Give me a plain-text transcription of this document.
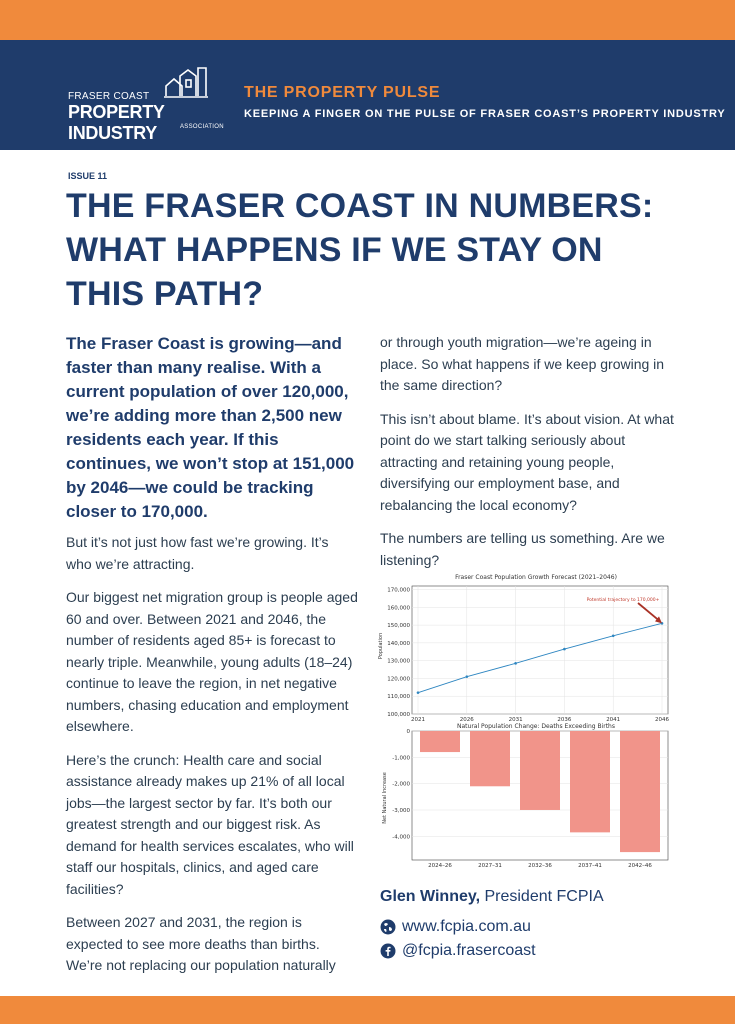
FRASER COAST
PROPERTY INDUSTRY	ASSOCIATION
THE PROPERTY PULSE
KEEPING A FINGER ON THE PULSE OF FRASER COAST’S PROPERTY INDUSTRY
ISSUE 11
THE FRASER COAST IN NUMBERS: WHAT HAPPENS IF WE STAY ON THIS PATH?

The Fraser Coast is growing—and faster than many realise. With a current population of over 120,000, we’re adding more than 2,500 new residents each year. If this continues, we won’t stop at 151,000 by 2046—we could be tracking closer to 170,000.

But it’s not just how fast we’re growing. It’s who we’re attracting.

Our biggest net migration group is people aged 60 and over. Between 2021 and 2046, the number of residents aged 85+ is forecast to nearly triple. Meanwhile, young adults (18–24) continue to leave the region, in net negative numbers, chasing education and employment elsewhere.

Here’s the crunch: Health care and social assistance already makes up 21% of all local jobs—the largest sector by far. It’s both our greatest strength and our biggest risk. As demand for health services escalates, who will staff our hospitals, clinics, and aged care facilities?

Between 2027 and 2031, the region is expected to see more deaths than births. We’re not replacing our population naturally

or through youth migration—we’re ageing in place. So what happens if we keep growing in the same direction?

This isn’t about blame. It’s about vision. At what point do we start talking seriously about attracting and retaining young people, diversifying our employment base, and rebalancing the local economy?

The numbers are telling us something. Are we listening?

Fraser Coast Population Growth Forecast (2021–2046)
Population
Natural Population Change: Deaths Exceeding Births
Net Natural Increase
100,000
110,000
120,000
130,000
140,000
150,000
160,000
170,000
2021	2026	2031	2036	2041	2046
Potential trajectory to 170,000+
0
-1,000
-2,000
-3,000
-4,000
2024–26	2027–31	2032–36	2037–41	2042–46
Glen Winney, President FCPIA
www.fcpia.com.au
@fcpia.frasercoast
